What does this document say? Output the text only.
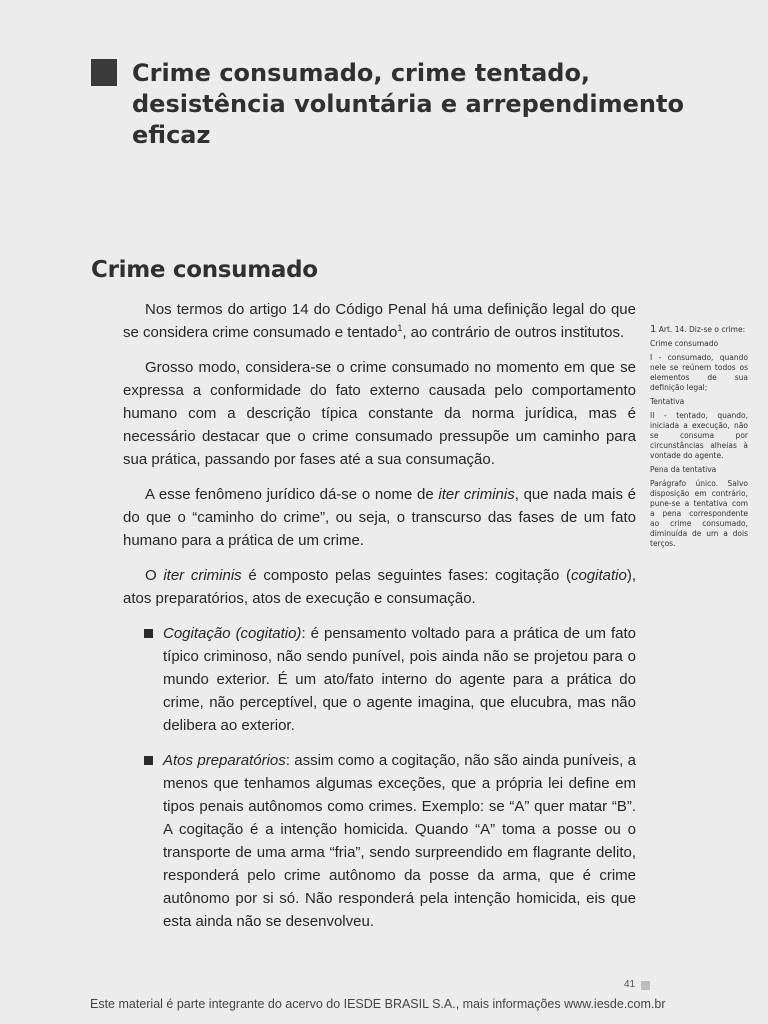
Crime consumado, crime tentado, desistência voluntária e arrependimento eficaz
Crime consumado

Nos termos do artigo 14 do Código Penal há uma definição legal do que se considera crime consumado e tentado$^1$, ao contrário de outros institutos.

Grosso modo, considera-se o crime consumado no momento em que se expressa a conformidade do fato externo causada pelo comportamento humano com a descrição típica constante da norma jurídica, mas é necessário destacar que o crime consumado pressupõe um caminho para sua prática, passando por fases até a sua consumação.

A esse fenômeno jurídico dá-se o nome de iter criminis, que nada mais é do que o “caminho do crime”, ou seja, o transcurso das fases de um fato humano para a prática de um crime.

O iter criminis é composto pelas seguintes fases: cogitação (cogitatio), atos preparatórios, atos de execução e consumação.

Cogitação (cogitatio): é pensamento voltado para a prática de um fato típico criminoso, não sendo punível, pois ainda não se projetou para o mundo exterior. É um ato/fato interno do agente para a prática do crime, não perceptível, que o agente imagina, que elucubra, mas não delibera ao exterior.
Atos preparatórios: assim como a cogitação, não são ainda puníveis, a menos que tenhamos algumas exceções, que a própria lei define em tipos penais autônomos como crimes. Exemplo: se “A” quer matar “B”. A cogitação é a intenção homicida. Quando “A” toma a posse ou o transporte de uma arma “fria”, sendo surpreendido em flagrante delito, responderá pelo crime autônomo da posse da arma, que é crime autônomo por si só. Não responderá pela intenção homicida, eis que esta ainda não se desenvolveu.
1 Art. 14. Diz-se o crime:
Crime consumado
I - consumado, quando nele se reúnem todos os elementos de sua definição legal;
Tentativa
II - tentado, quando, iniciada a execução, não se consuma por circunstâncias alheias à vontade do agente.
Pena da tentativa
Parágrafo único. Salvo disposição em contrário, pune-se a tentativa com a pena correspondente ao crime consumado, diminuída de um a dois terços.
41
Este material é parte integrante do acervo do IESDE BRASIL S.A., mais informações www.iesde.com.br
